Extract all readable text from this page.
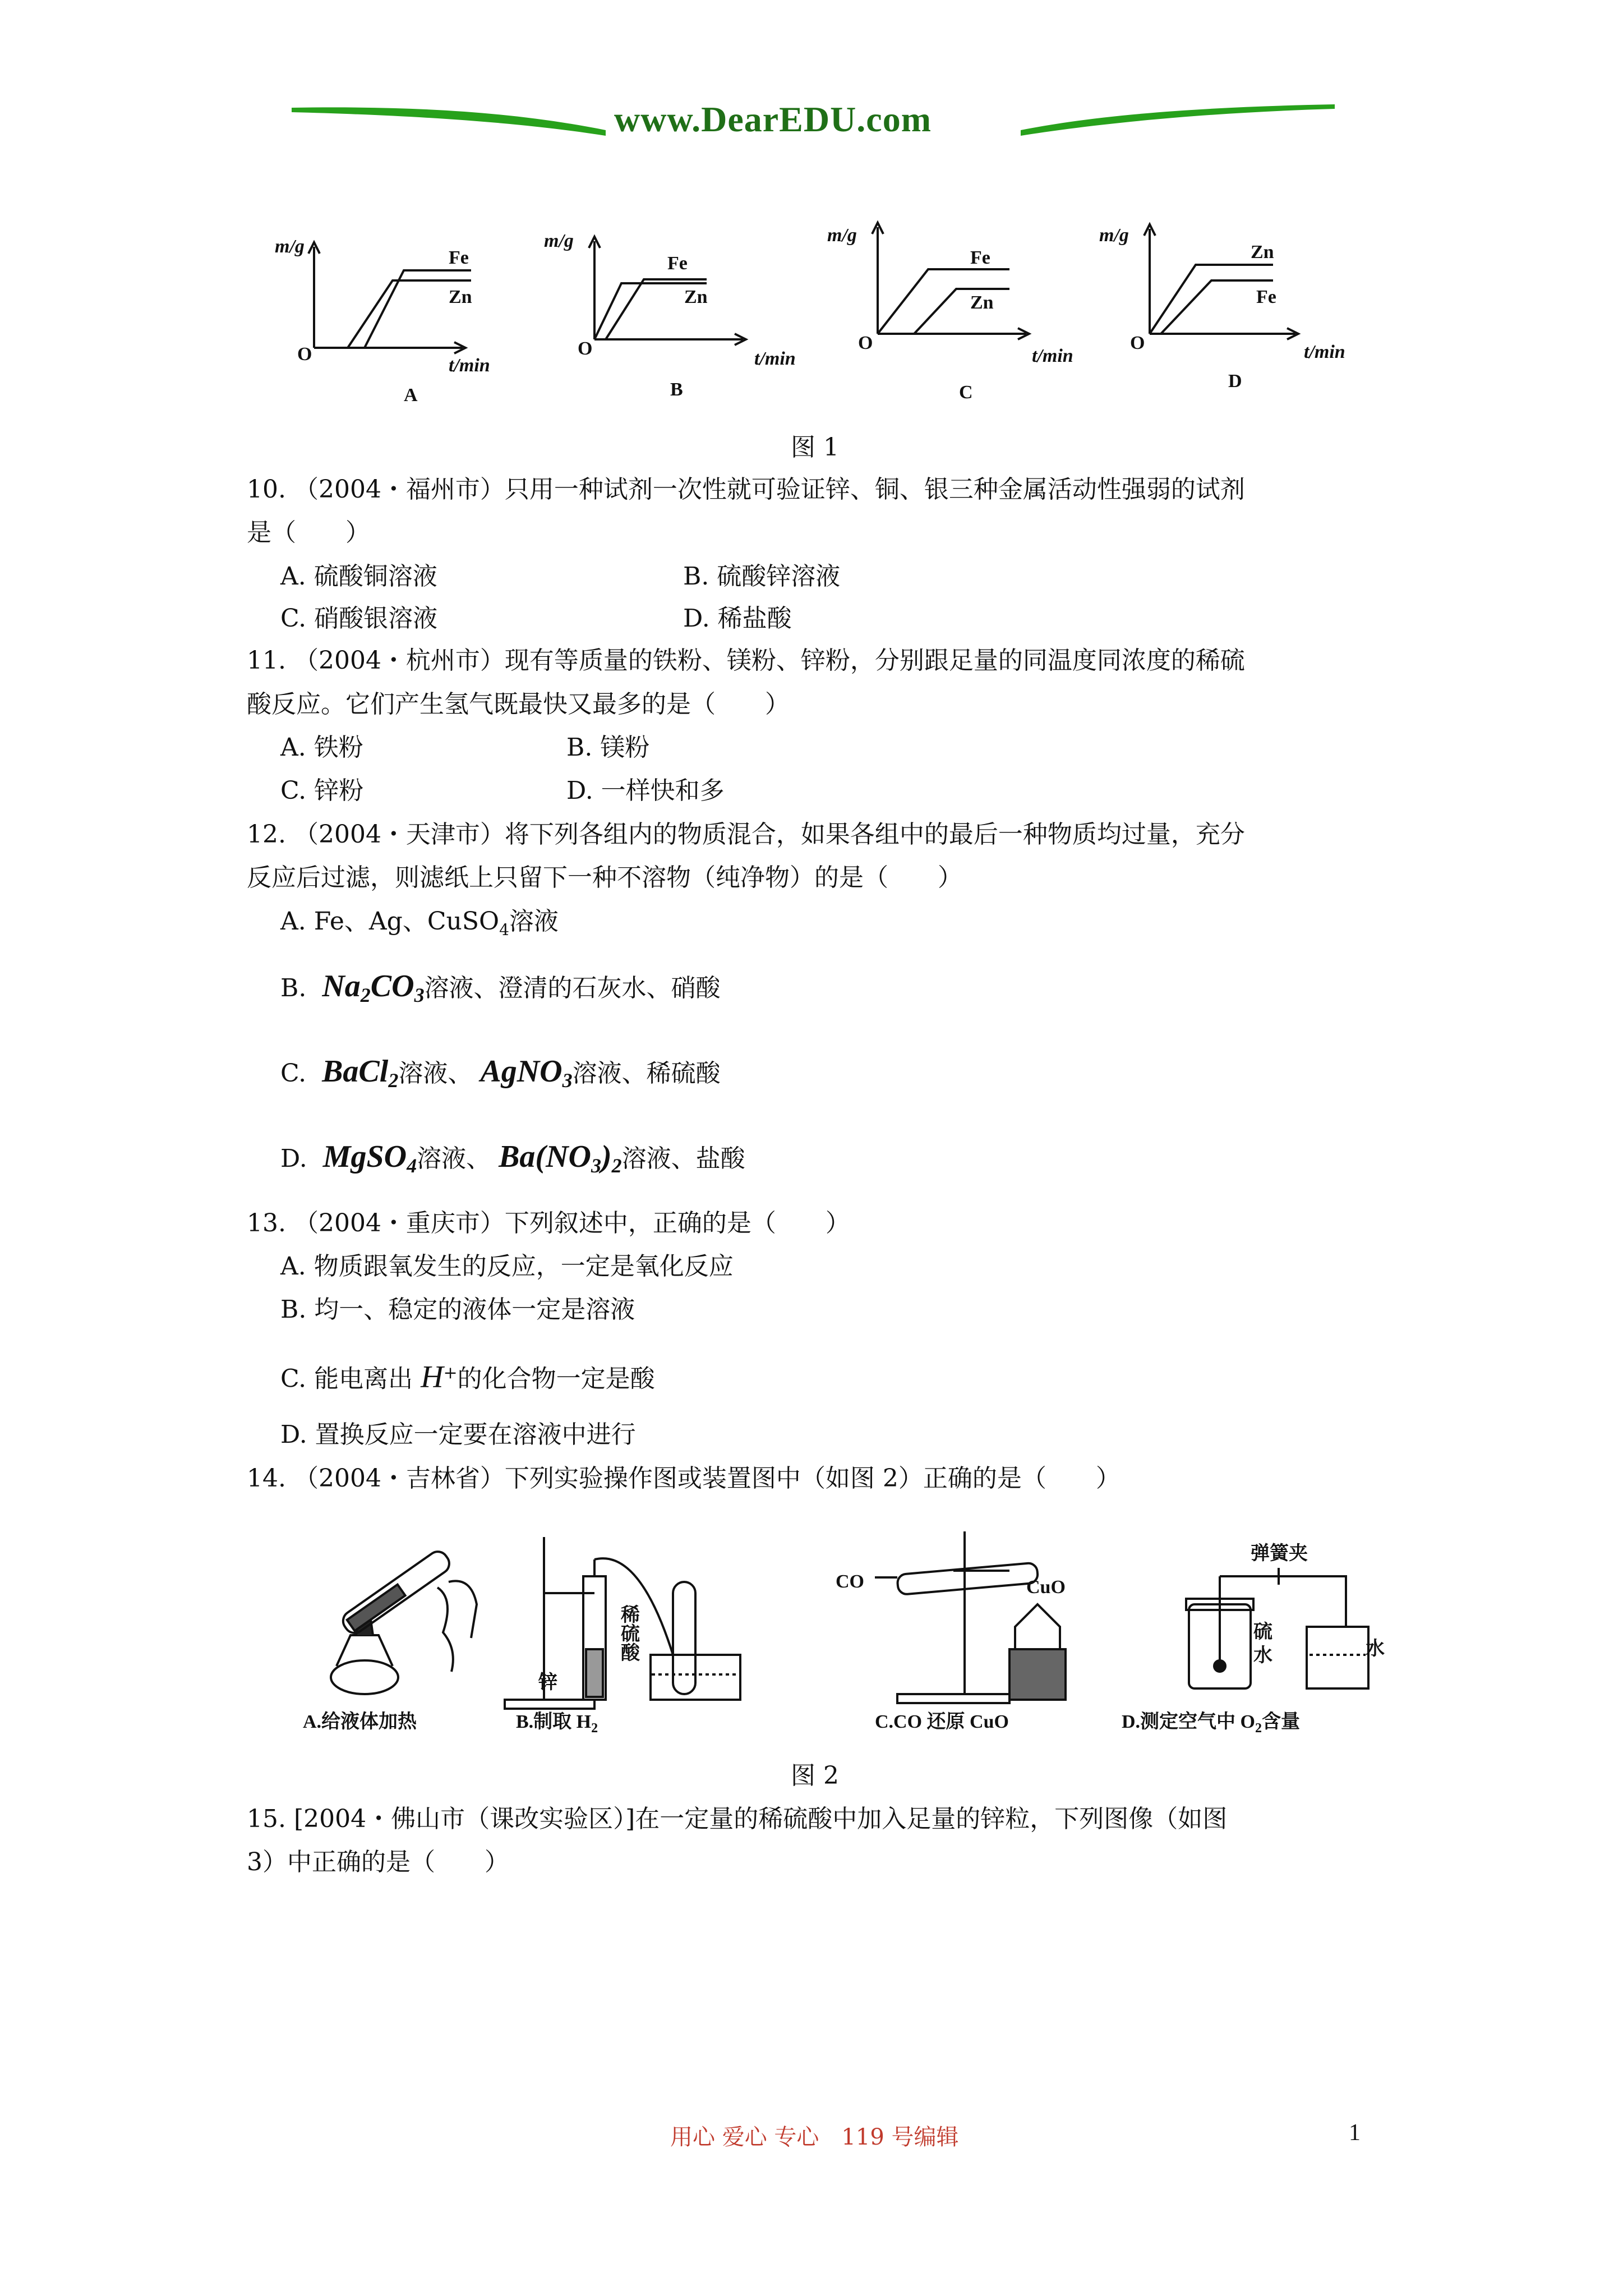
www.DearEDU.com
m/g
O
t/min
Fe
Zn
A
m/g
O	t/min
Fe
Zn
B
m/g
O
t/min
Fe
Zn
C
m/g
O	t/min
Zn
Fe
D
图 1
10. （2004・福州市）只用一种试剂一次性就可验证锌、铜、银三种金属活动性强弱的试剂
是（　　）
A. 硫酸铜溶液	B. 硫酸锌溶液
C. 硝酸银溶液	D. 稀盐酸
11. （2004・杭州市）现有等质量的铁粉、镁粉、锌粉，分别跟足量的同温度同浓度的稀硫
酸反应。它们产生氢气既最快又最多的是（　　）
A. 铁粉	B. 镁粉
C. 锌粉	D. 一样快和多
12. （2004・天津市）将下列各组内的物质混合，如果各组中的最后一种物质均过量，充分
反应后过滤，则滤纸上只留下一种不溶物（纯净物）的是（　　）
A. Fe、Ag、CuSO$_4$溶液
B. $Na_2CO_3$溶液、澄清的石灰水、硝酸
C. BaCl$_2$溶液、 AgNO$_3$溶液、稀硫酸
D. MgSO$_4$溶液、 $Ba(NO_3)_2$溶液、盐酸
13. （2004・重庆市）下列叙述中，正确的是（　　）
A. 物质跟氧发生的反应，一定是氧化反应
B. 均一、稳定的液体一定是溶液
C. 能电离出 H+的化合物一定是酸
D. 置换反应一定要在溶液中进行
14. （2004・吉林省）下列实验操作图或装置图中（如图 2）正确的是（　　）
A.给液体加热	B.制取 $H_2$
锌
稀硫酸
C.CO 还原 CuO
CO	CuO
D.测定空气中 $O_2$含量
弹簧夹
硫
水	水
图 2
15. [2004・佛山市（课改实验区）]在一定量的稀硫酸中加入足量的锌粒，下列图像（如图
3）中正确的是（　　）
用心 爱心 专心　119 号编辑	1
